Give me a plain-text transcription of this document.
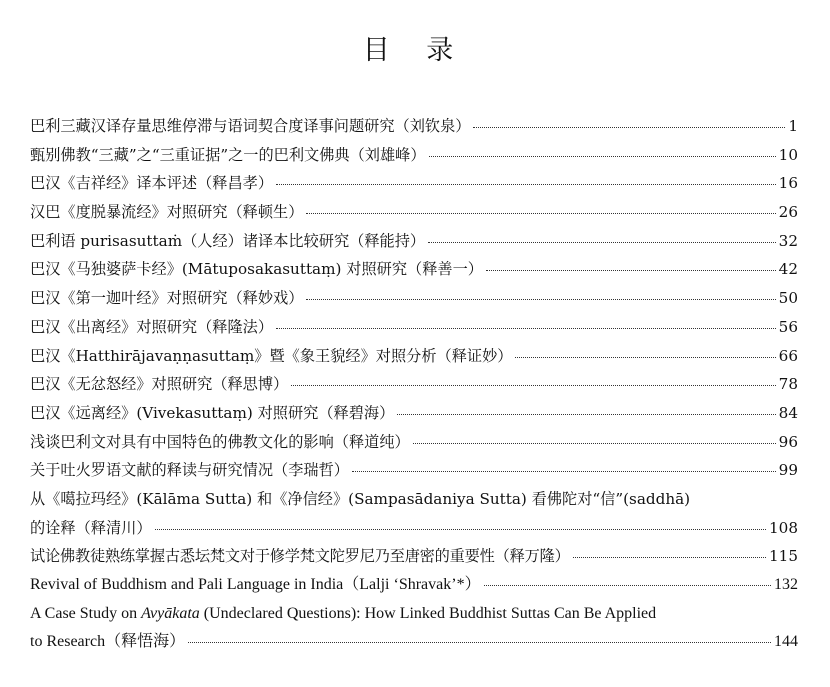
目 录
巴利三藏汉译存量思维停滞与语词契合度译事问题研究（刘钦泉）	1
甄别佛教“三藏”之“三重证据”之一的巴利文佛典（刘雄峰）	10
巴汉《吉祥经》译本评述（释昌孝）	16
汉巴《度脱暴流经》对照研究（释顿生）	26
巴利语 purisasuttaṁ（人经）诸译本比较研究（释能持）	32
巴汉《马独婆萨卡经》(Mātuposakasuttaṃ) 对照研究（释善一）	42
巴汉《第一迦叶经》对照研究（释妙戏）	50
巴汉《出离经》对照研究（释隆法）	56
巴汉《Hatthirājavaṇṇasuttaṃ》暨《象王貌经》对照分析（释证妙）	66
巴汉《无忿怒经》对照研究（释思博）	78
巴汉《远离经》(Vivekasuttaṃ) 对照研究（释碧海）	84
浅谈巴利文对具有中国特色的佛教文化的影响（释道纯）	96
关于吐火罗语文献的释读与研究情况（李瑞哲）	99
从《噶拉玛经》(Kālāma Sutta) 和《净信经》(Sampasādaniya Sutta) 看佛陀对“信”(saddhā)
的诠释（释清川）	108
试论佛教徒熟练掌握古悉坛梵文对于修学梵文陀罗尼乃至唐密的重要性（释万隆）	115
Revival of Buddhism and Pali Language in India（Lalji ‘Shravak’*）	132
A Case Study on Avyākata (Undeclared Questions): How Linked Buddhist Suttas Can Be Applied
to Research（释悟海）	144
